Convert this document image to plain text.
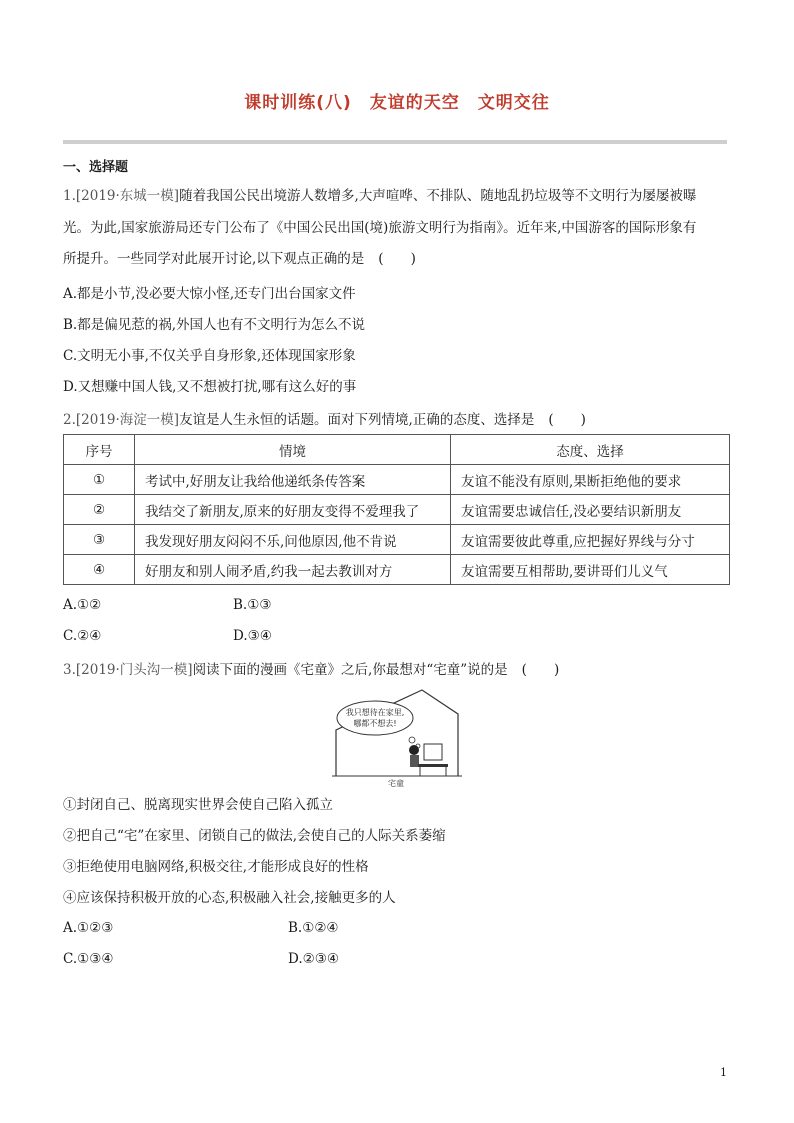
课时训练(八)　友谊的天空　文明交往
一、选择题
1.[2019·东城一模]随着我国公民出境游人数增多,大声喧哗、不排队、随地乱扔垃圾等不文明行为屡屡被曝
光。为此,国家旅游局还专门公布了《中国公民出国(境)旅游文明行为指南》。近年来,中国游客的国际形象有
所提升。一些同学对此展开讨论,以下观点正确的是 (　　)
A.都是小节,没必要大惊小怪,还专门出台国家文件
B.都是偏见惹的祸,外国人也有不文明行为怎么不说
C.文明无小事,不仅关乎自身形象,还体现国家形象
D.又想赚中国人钱,又不想被打扰,哪有这么好的事
2.[2019·海淀一模]友谊是人生永恒的话题。面对下列情境,正确的态度、选择是 (　　)
序号	情境	态度、选择
①	考试中,好朋友让我给他递纸条传答案	友谊不能没有原则,果断拒绝他的要求
②	我结交了新朋友,原来的好朋友变得不爱理我了	友谊需要忠诚信任,没必要结识新朋友
③	我发现好朋友闷闷不乐,问他原因,他不肯说	友谊需要彼此尊重,应把握好界线与分寸
④	好朋友和别人闹矛盾,约我一起去教训对方	友谊需要互相帮助,要讲哥们儿义气
A.①②	B.①③
C.②④	D.③④
3.[2019·门头沟一模]阅读下面的漫画《宅童》之后,你最想对“宅童”说的是 (　　)
我只想待在家里,
哪都不想去!
宅童
①封闭自己、脱离现实世界会使自己陷入孤立
②把自己“宅”在家里、闭锁自己的做法,会使自己的人际关系萎缩
③拒绝使用电脑网络,积极交往,才能形成良好的性格
④应该保持积极开放的心态,积极融入社会,接触更多的人
A.①②③	B.①②④
C.①③④	D.②③④
1
